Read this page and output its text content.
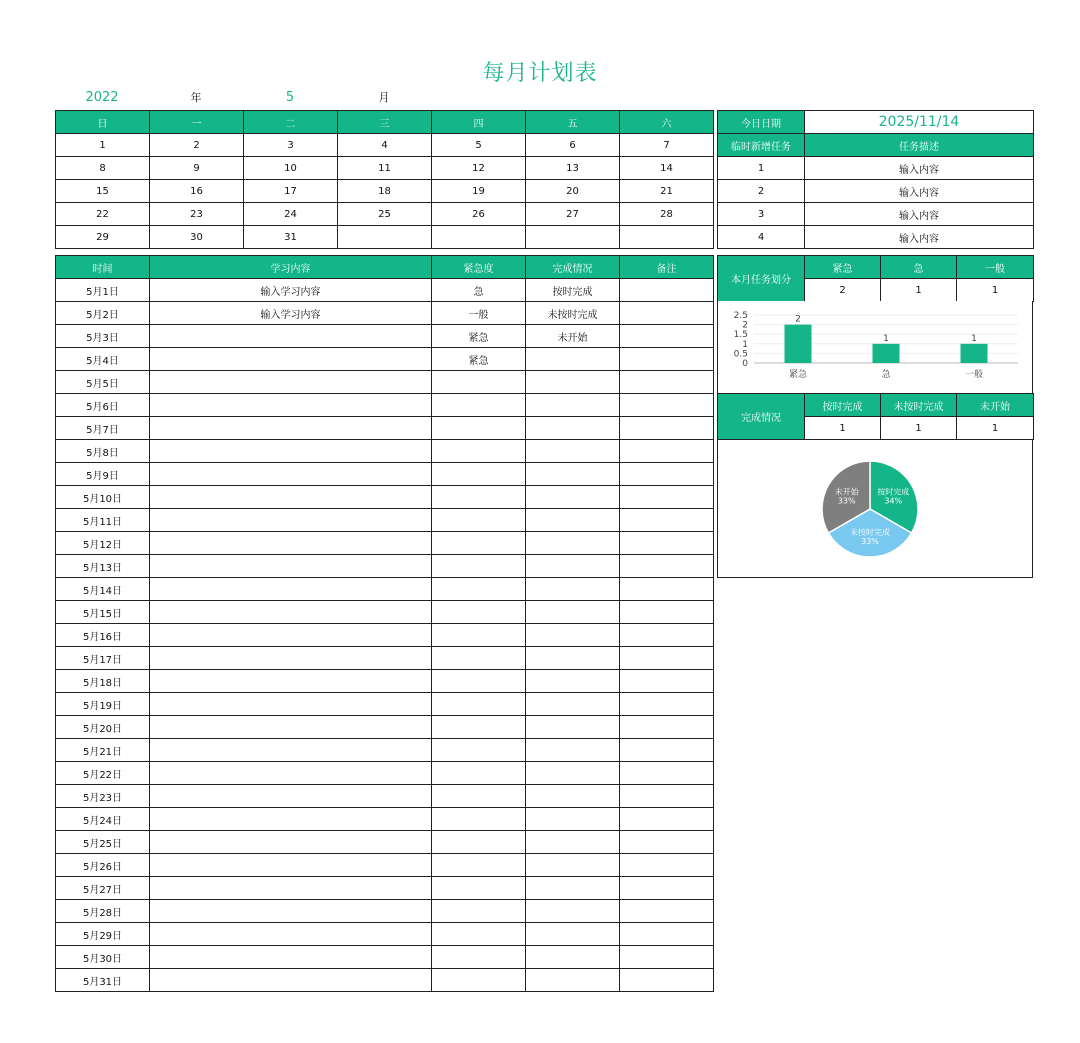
每月计划表
2022	年	5	月
日	一	二	三	四	五	六
1	2	3	4	5	6	7
8	9	10	11	12	13	14
15	16	17	18	19	20	21
22	23	24	25	26	27	28
29	30	31				
今日日期	2025/11/14
临时新增任务	任务描述
1	输入内容
2	输入内容
3	输入内容
4	输入内容
时间	学习内容	紧急度	完成情况	备注
5月1日	输入学习内容	急	按时完成	
5月2日	输入学习内容	一般	未按时完成	
5月3日		紧急	未开始	
5月4日		紧急		
5月5日				
5月6日				
5月7日				
5月8日				
5月9日				
5月10日				
5月11日				
5月12日				
5月13日				
5月14日				
5月15日				
5月16日				
5月17日				
5月18日				
5月19日				
5月20日				
5月21日				
5月22日				
5月23日				
5月24日				
5月25日				
5月26日				
5月27日				
5月28日				
5月29日				
5月30日				
5月31日				
本月任务划分	紧急	急	一般
	2	1	1
2.5
2
1.5
1
0.5
0
2
紧急
1
急
1
一般
完成情况	按时完成	未按时完成	未开始
	1	1	1
按时完成
34%
未按时完成
33%
未开始
33%
